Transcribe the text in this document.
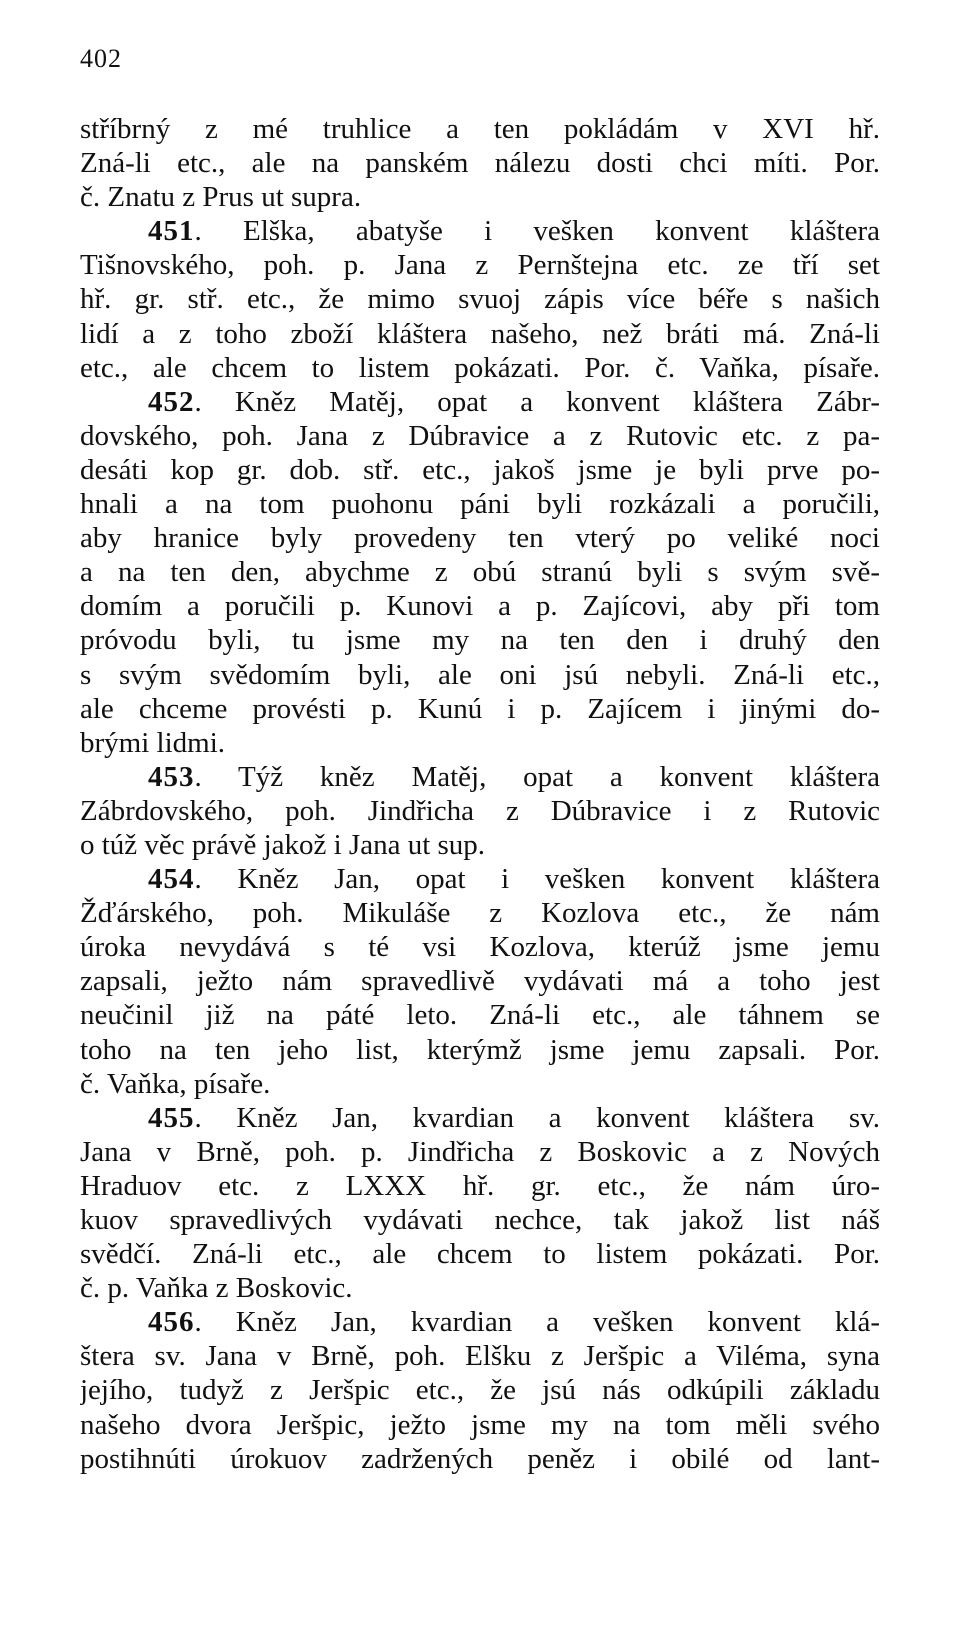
402
stříbrný z mé truhlice a ten pokládám v XVI hř.
Zná-li etc., ale na panském nálezu dosti chci míti. Por.
č. Znatu z Prus ut supra.
451. Elška, abatyše i vešken konvent kláštera
Tišnovského, poh. p. Jana z Pernštejna etc. ze tří set
hř. gr. stř. etc., že mimo svuoj zápis více béře s našich
lidí a z toho zboží kláštera našeho, než bráti má. Zná-li
etc., ale chcem to listem pokázati. Por. č. Vaňka, písaře.
452. Kněz Matěj, opat a konvent kláštera Zábr-
dovského, poh. Jana z Dúbravice a z Rutovic etc. z pa-
desáti kop gr. dob. stř. etc., jakoš jsme je byli prve po-
hnali a na tom puohonu páni byli rozkázali a poručili,
aby hranice byly provedeny ten vterý po veliké noci
a na ten den, abychme z obú stranú byli s svým svě-
domím a poručili p. Kunovi a p. Zajícovi, aby při tom
próvodu byli, tu jsme my na ten den i druhý den
s svým svědomím byli, ale oni jsú nebyli. Zná-li etc.,
ale chceme provésti p. Kunú i p. Zajícem i jinými do-
brými lidmi.
453. Týž kněz Matěj, opat a konvent kláštera
Zábrdovského, poh. Jindřicha z Dúbravice i z Rutovic
o túž věc právě jakož i Jana ut sup.
454. Kněz Jan, opat i vešken konvent kláštera
Žďárského, poh. Mikuláše z Kozlova etc., že nám
úroka nevydává s té vsi Kozlova, kterúž jsme jemu
zapsali, ježto nám spravedlivě vydávati má a toho jest
neučinil již na páté leto. Zná-li etc., ale táhnem se
toho na ten jeho list, kterýmž jsme jemu zapsali. Por.
č. Vaňka, písaře.
455. Kněz Jan, kvardian a konvent kláštera sv.
Jana v Brně, poh. p. Jindřicha z Boskovic a z Nových
Hraduov etc. z LXXX hř. gr. etc., že nám úro-
kuov spravedlivých vydávati nechce, tak jakož list náš
svědčí. Zná-li etc., ale chcem to listem pokázati. Por.
č. p. Vaňka z Boskovic.
456. Kněz Jan, kvardian a vešken konvent klá-
štera sv. Jana v Brně, poh. Elšku z Jeršpic a Viléma, syna
jejího, tudyž z Jeršpic etc., že jsú nás odkúpili základu
našeho dvora Jeršpic, ježto jsme my na tom měli svého
postihnúti úrokuov zadržených peněz i obilé od lant-
